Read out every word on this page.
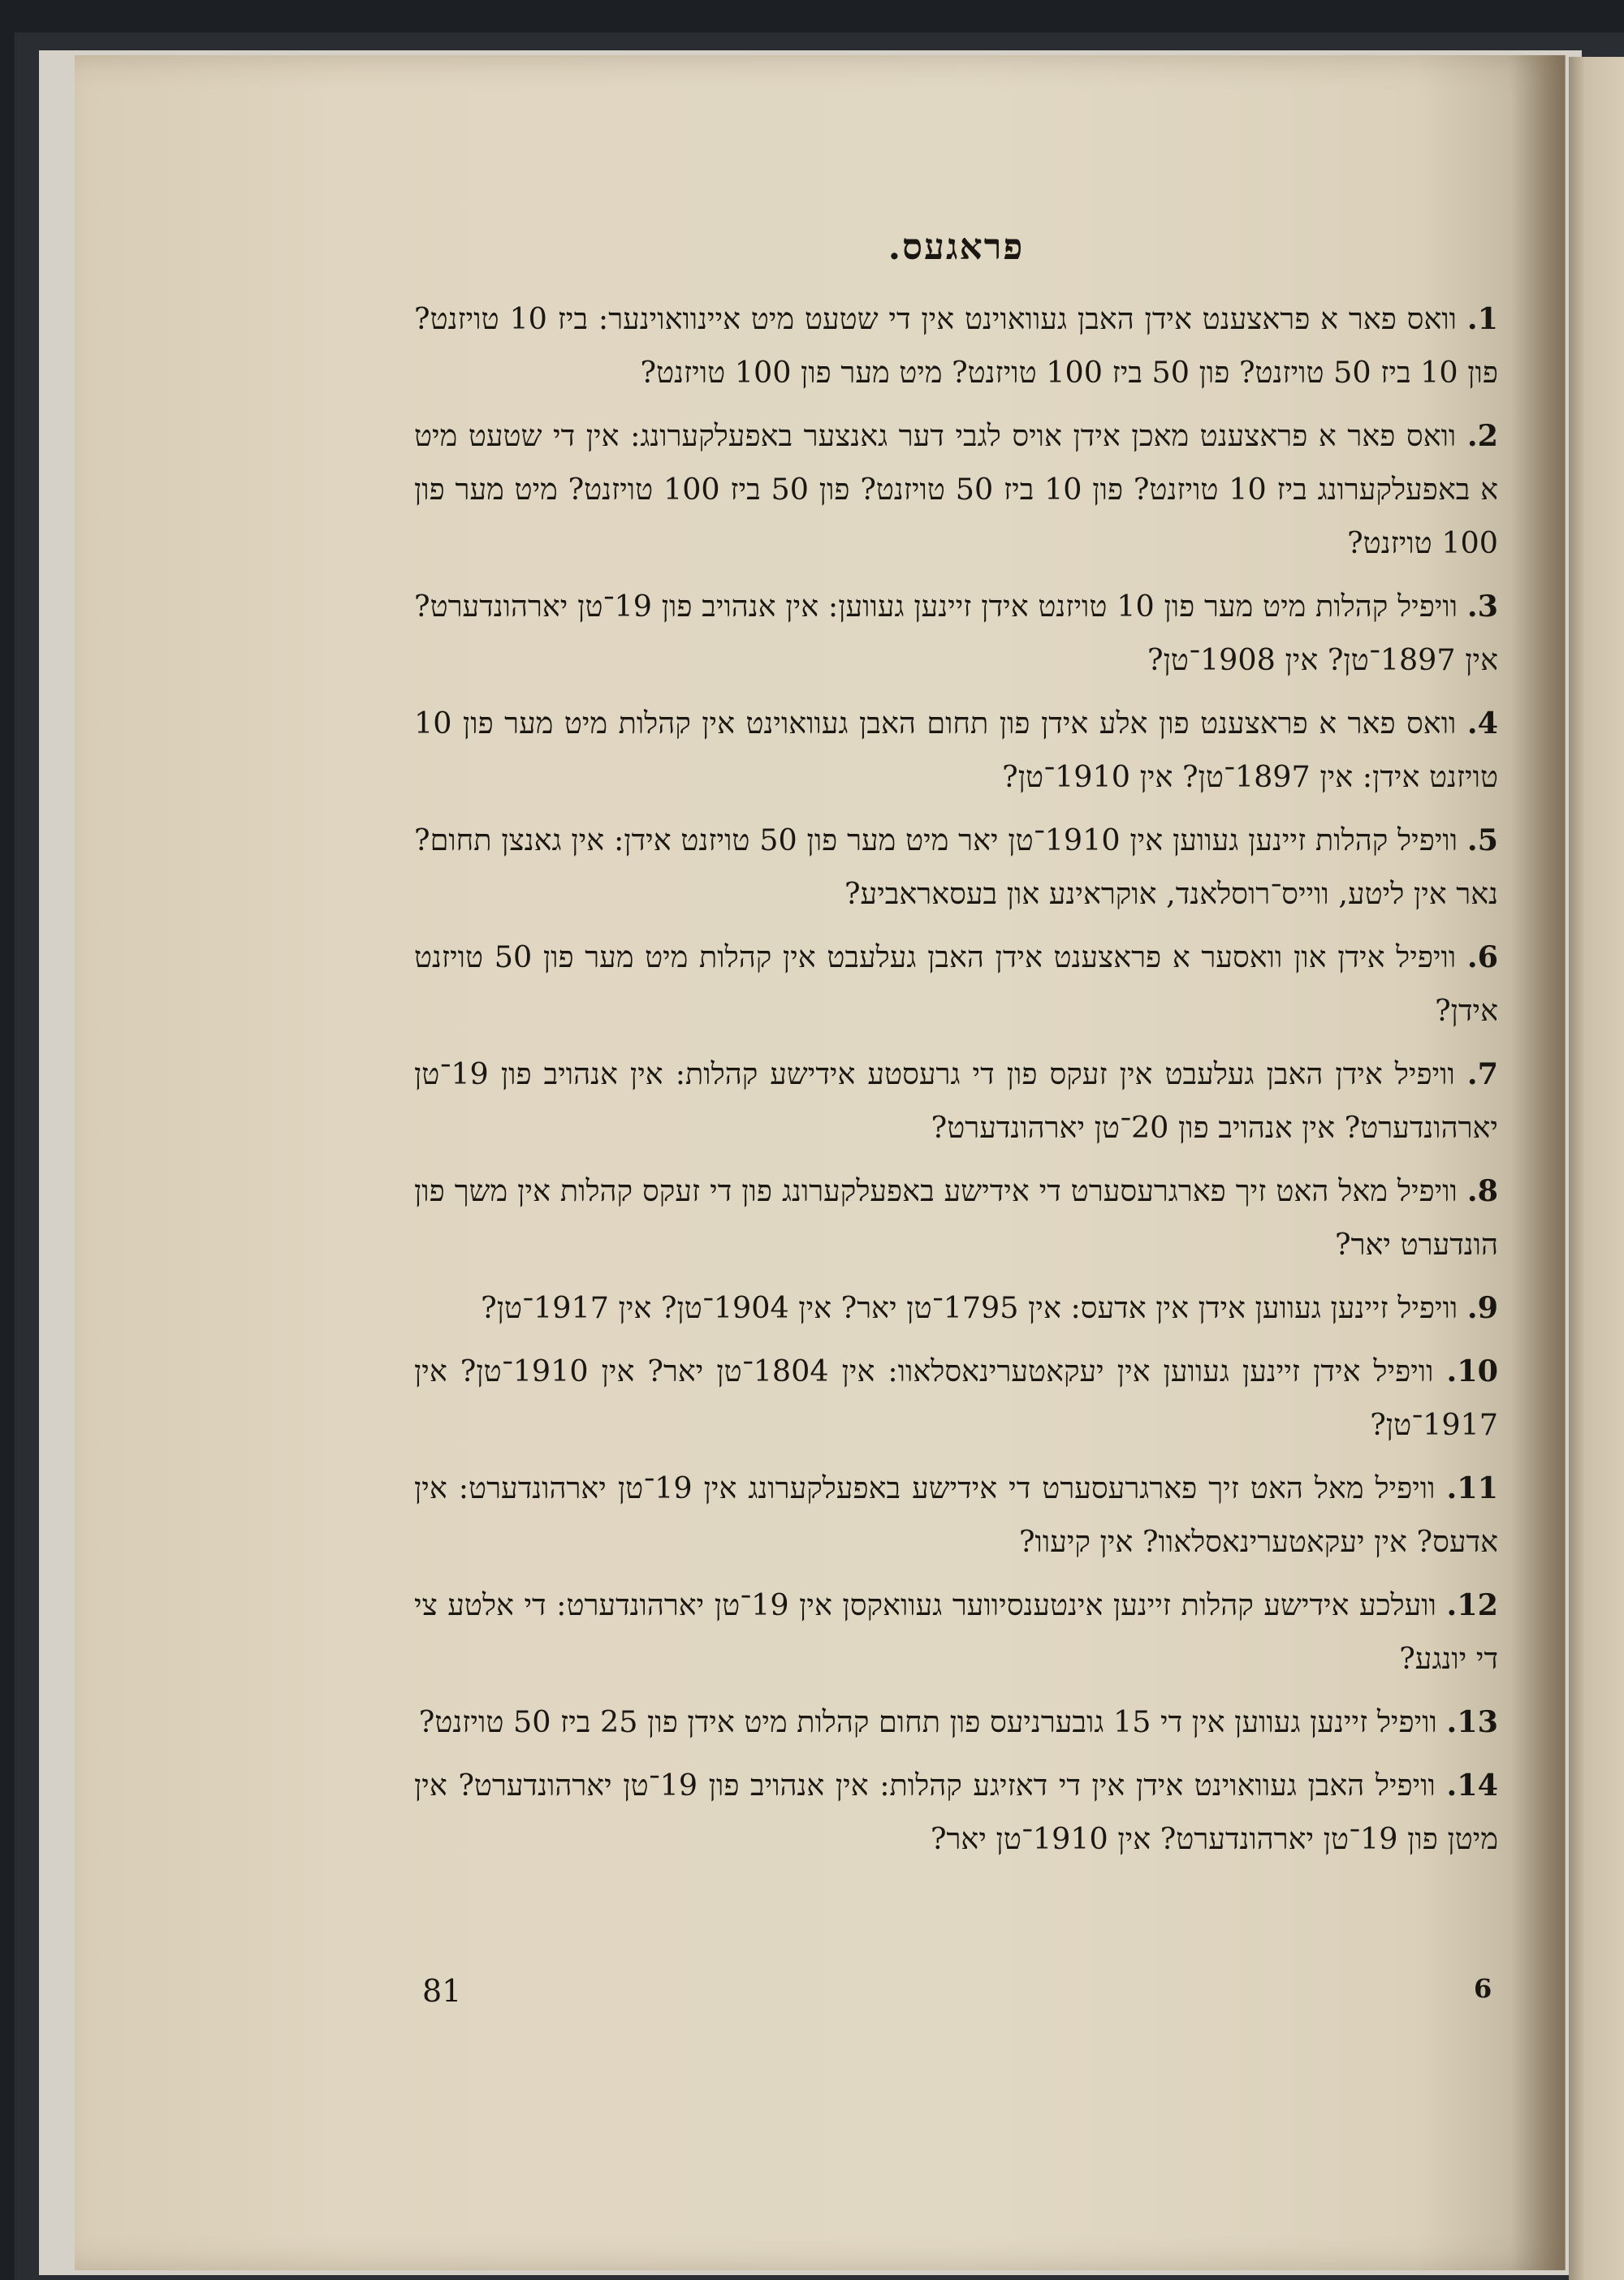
פראגעס.

1. וואס פאר א פראצענט אידן האבן געוואוינט אין די שטעט מיט איינוואוינער: ביז 10 טויזנט? פון 10 ביז 50 טויזנט? פון 50 ביז 100 טויזנט? מיט מער פון 100 טויזנט?

2. וואס פאר א פראצענט מאכן אידן אויס לגבי דער גאנצער באפעלקערונג: אין די שטעט מיט א באפעלקערונג ביז 10 טויזנט? פון 10 ביז 50 טויזנט? פון 50 ביז 100 טויזנט? מיט מער פון 100 טויזנט?

3. וויפיל קהלות מיט מער פון 10 טויזנט אידן זיינען געווען: אין אנהויב פון 19־טן יארהונדערט? אין 1897־טן? אין 1908־טן?

4. וואס פאר א פראצענט פון אלע אידן פון תחום האבן געוואוינט אין קהלות מיט מער פון 10 טויזנט אידן: אין 1897־טן? אין 1910־טן?

5. וויפיל קהלות זיינען געווען אין 1910־טן יאר מיט מער פון 50 טויזנט אידן: אין גאנצן תחום? נאר אין ליטע, ווייס־רוסלאנד, אוקראינע און בעסאראביע?

6. וויפיל אידן און וואסער א פראצענט אידן האבן געלעבט אין קהלות מיט מער פון 50 טויזנט אידן?

7. וויפיל אידן האבן געלעבט אין זעקס פון די גרעסטע אידישע קהלות: אין אנהויב פון 19־טן יארהונדערט? אין אנהויב פון 20־טן יארהונדערט?

8. וויפיל מאל האט זיך פארגרעסערט די אידישע באפעלקערונג פון די זעקס קהלות אין משך פון הונדערט יאר?

9. וויפיל זיינען געווען אידן אין אדעס: אין 1795־טן יאר? אין 1904־טן? אין 1917־טן?

10. וויפיל אידן זיינען געווען אין יעקאטערינאסלאוו: אין 1804־טן יאר? אין 1910־טן? אין 1917־טן?

11. וויפיל מאל האט זיך פארגרעסערט די אידישע באפעלקערונג אין 19־טן יארהונדערט: אין אדעס? אין יעקאטערינאסלאוו? אין קיעוו?

12. וועלכע אידישע קהלות זיינען אינטענסיווער געוואקסן אין 19־טן יארהונדערט: די אלטע צי די יונגע?

13. וויפיל זיינען געווען אין די 15 גובערניעס פון תחום קהלות מיט אידן פון 25 ביז 50 טויזנט?

14. וויפיל האבן געוואוינט אידן אין די דאזיגע קהלות: אין אנהויב פון 19־טן יארהונדערט? אין מיטן פון 19־טן יארהונדערט? אין 1910־טן יאר?

81	6
